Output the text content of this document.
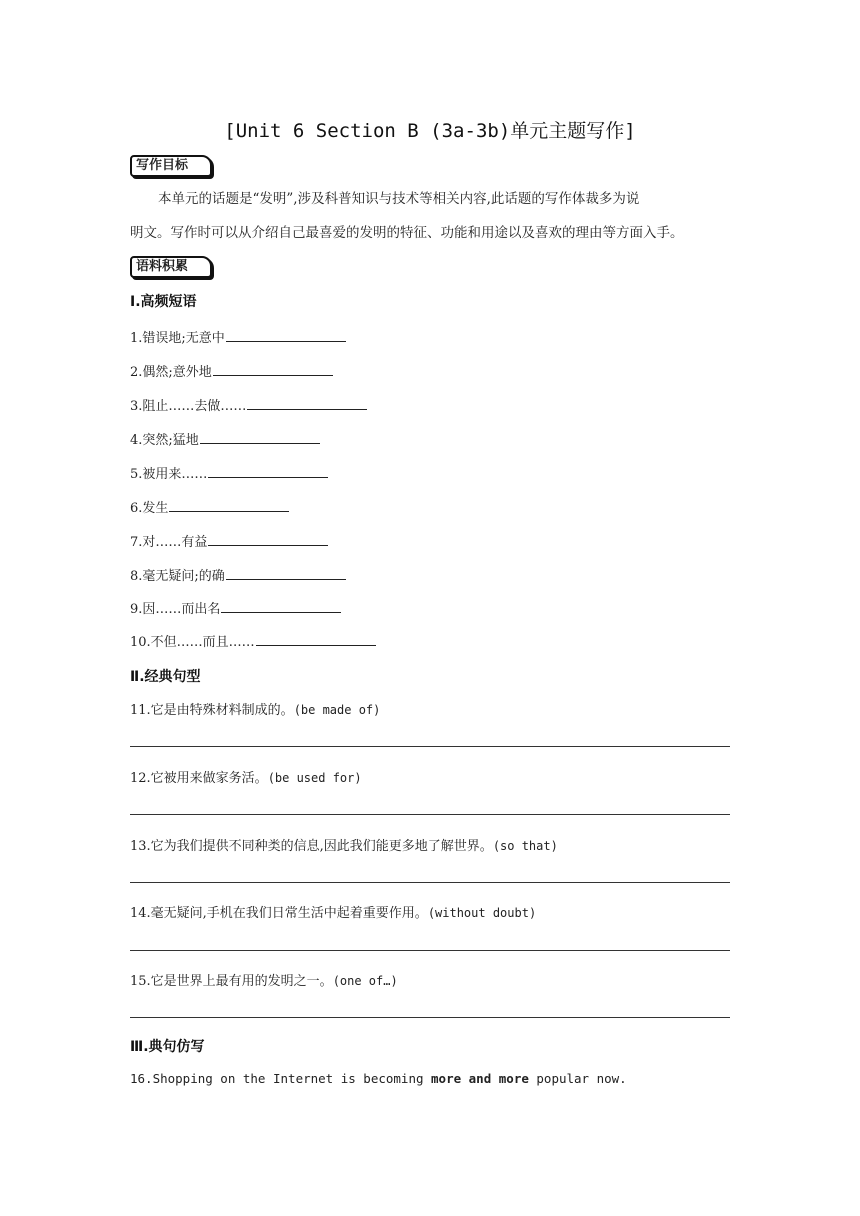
[Unit 6 Section B (3a-3b)单元主题写作]
写作目标
本单元的话题是“发明”,涉及科普知识与技术等相关内容,此话题的写作体裁多为说
明文。写作时可以从介绍自己最喜爱的发明的特征、功能和用途以及喜欢的理由等方面入手。
语料积累
Ⅰ.高频短语
1.错误地;无意中
2.偶然;意外地
3.阻止……去做……
4.突然;猛地
5.被用来……
6.发生
7.对……有益
8.毫无疑问;的确
9.因……而出名
10.不但……而且……
Ⅱ.经典句型
11.它是由特殊材料制成的。(be made of)
12.它被用来做家务活。(be used for)
13.它为我们提供不同种类的信息,因此我们能更多地了解世界。(so that)
14.毫无疑问,手机在我们日常生活中起着重要作用。(without doubt)
15.它是世界上最有用的发明之一。(one of…)
Ⅲ.典句仿写
16.Shopping on the Internet is becoming more and more popular now.
